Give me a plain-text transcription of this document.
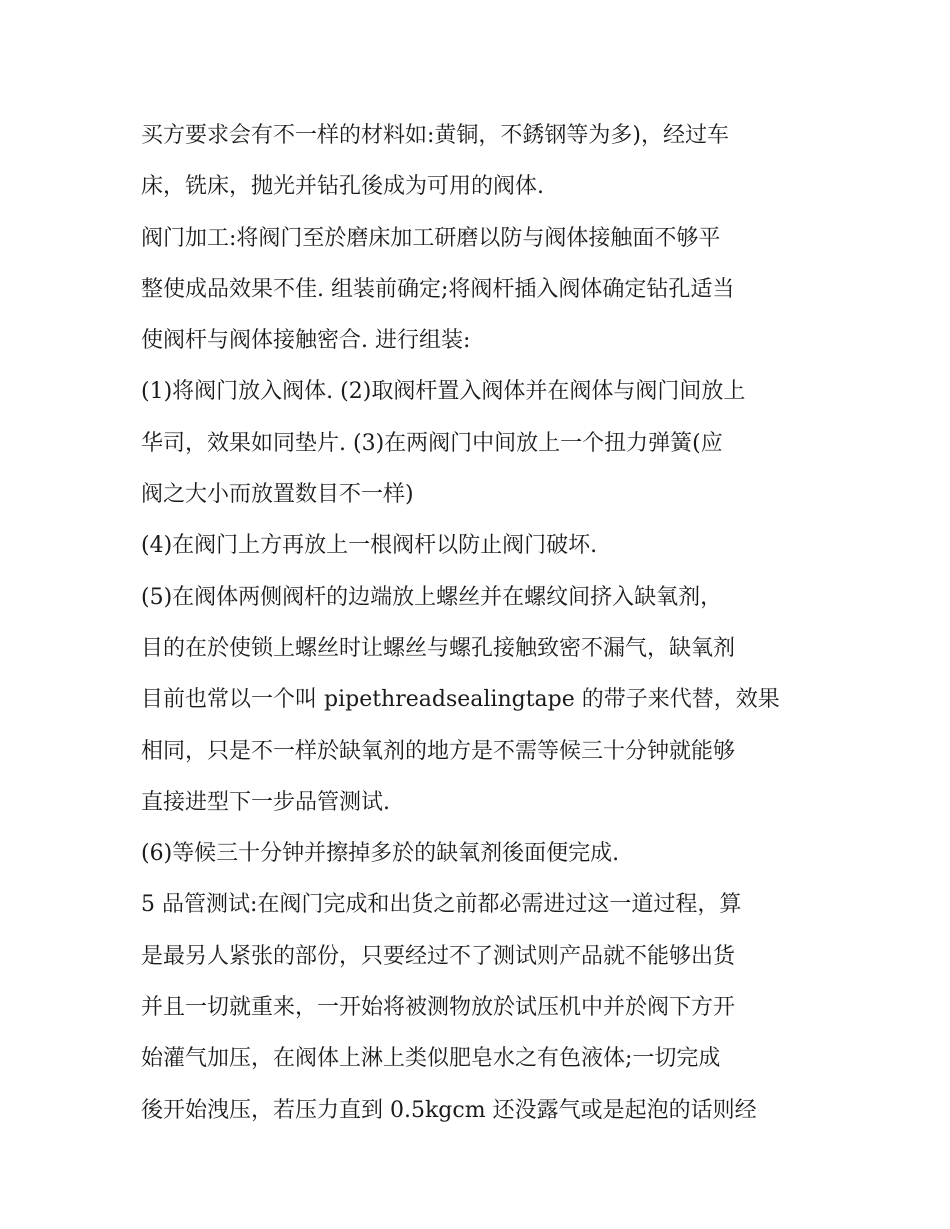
买方要求会有不一样的材料如:黄铜，不銹钢等为多)，经过车
床，铣床，抛光并钻孔後成为可用的阀体.
阀门加工:将阀门至於磨床加工研磨以防与阀体接触面不够平
整使成品效果不佳. 组装前确定;将阀杆插入阀体确定钻孔适当
使阀杆与阀体接触密合. 进行组装:
(1)将阀门放入阀体. (2)取阀杆置入阀体并在阀体与阀门间放上
华司，效果如同垫片. (3)在两阀门中间放上一个扭力弹簧(应
阀之大小而放置数目不一样)
(4)在阀门上方再放上一根阀杆以防止阀门破坏.
(5)在阀体两侧阀杆的边端放上螺丝并在螺纹间挤入缺氧剂，
目的在於使锁上螺丝时让螺丝与螺孔接触致密不漏气，缺氧剂
目前也常以一个叫 pipethreadsealingtape 的带子来代替，效果
相同，只是不一样於缺氧剂的地方是不需等候三十分钟就能够
直接进型下一步品管测试.
(6)等候三十分钟并擦掉多於的缺氧剂後面便完成.
5 品管测试:在阀门完成和出货之前都必需进过这一道过程，算
是最另人紧张的部份，只要经过不了测试则产品就不能够出货
并且一切就重来，一开始将被测物放於试压机中并於阀下方开
始灌气加压，在阀体上淋上类似肥皂水之有色液体;一切完成
後开始洩压，若压力直到 0.5kgcm 还没露气或是起泡的话则经
